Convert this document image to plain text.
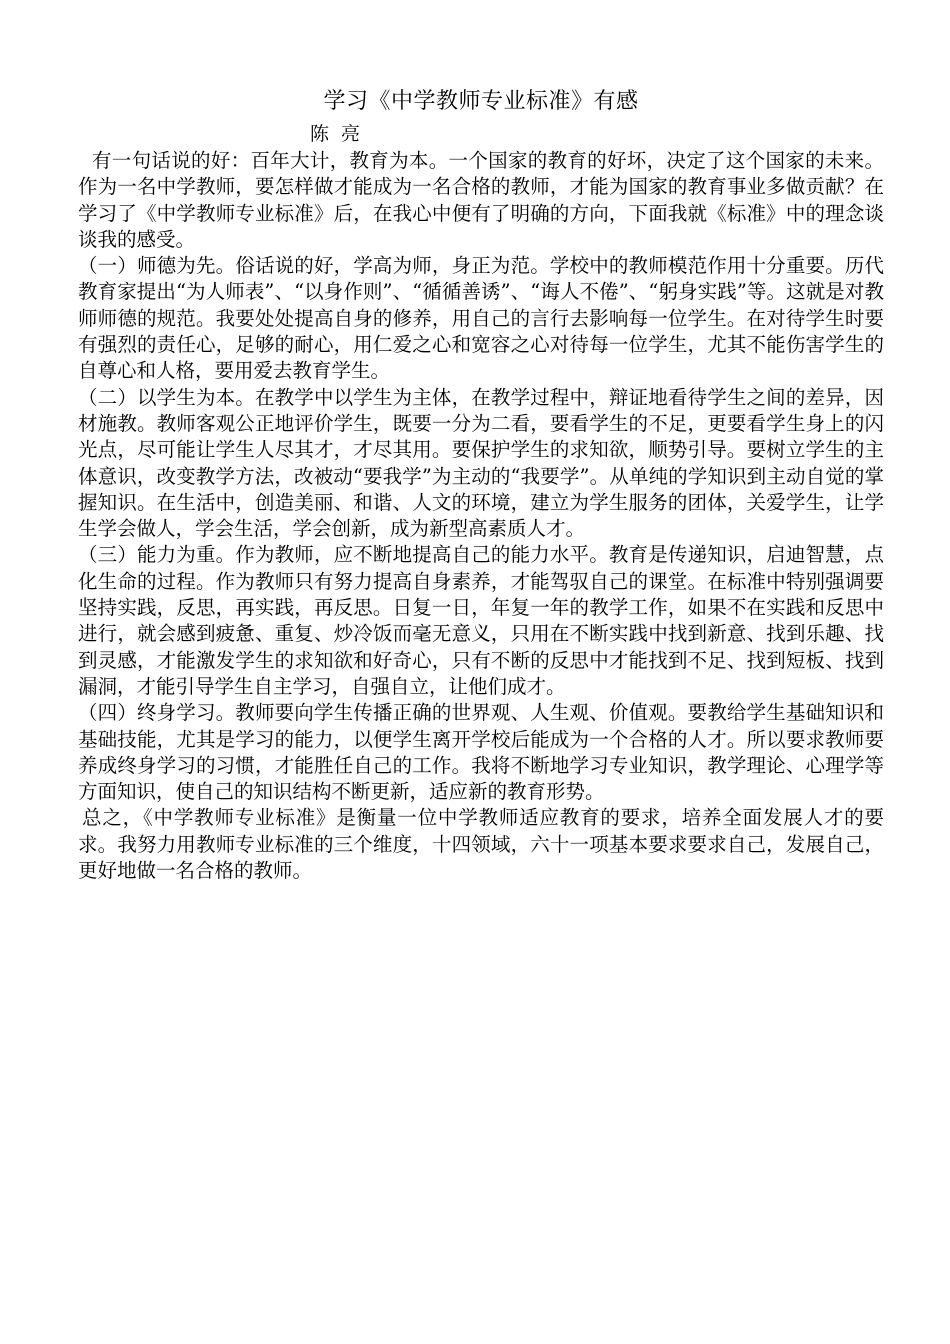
学习《中学教师专业标准》有感
陈 亮

有一句话说的好：百年大计，教育为本。一个国家的教育的好坏，决定了这个国家的未来。作为一名中学教师，要怎样做才能成为一名合格的教师，才能为国家的教育事业多做贡献？在学习了《中学教师专业标准》后，在我心中便有了明确的方向，下面我就《标准》中的理念谈谈我的感受。

（一）师德为先。俗话说的好，学高为师，身正为范。学校中的教师模范作用十分重要。历代教育家提出“为人师表”、“以身作则”、“循循善诱”、“诲人不倦”、“躬身实践”等。这就是对教师师德的规范。我要处处提高自身的修养，用自己的言行去影响每一位学生。在对待学生时要有强烈的责任心，足够的耐心，用仁爱之心和宽容之心对待每一位学生，尤其不能伤害学生的自尊心和人格，要用爱去教育学生。

（二）以学生为本。在教学中以学生为主体，在教学过程中，辩证地看待学生之间的差异，因材施教。教师客观公正地评价学生，既要一分为二看，要看学生的不足，更要看学生身上的闪光点，尽可能让学生人尽其才，才尽其用。要保护学生的求知欲，顺势引导。要树立学生的主体意识，改变教学方法，改被动“要我学”为主动的“我要学”。从单纯的学知识到主动自觉的掌握知识。在生活中，创造美丽、和谐、人文的环境，建立为学生服务的团体，关爱学生，让学生学会做人，学会生活，学会创新，成为新型高素质人才。

（三）能力为重。作为教师，应不断地提高自己的能力水平。教育是传递知识，启迪智慧，点化生命的过程。作为教师只有努力提高自身素养，才能驾驭自己的课堂。在标准中特别强调要坚持实践，反思，再实践，再反思。日复一日，年复一年的教学工作，如果不在实践和反思中进行，就会感到疲惫、重复、炒冷饭而毫无意义，只用在不断实践中找到新意、找到乐趣、找到灵感，才能激发学生的求知欲和好奇心，只有不断的反思中才能找到不足、找到短板、找到漏洞，才能引导学生自主学习，自强自立，让他们成才。

（四）终身学习。教师要向学生传播正确的世界观、人生观、价值观。要教给学生基础知识和基础技能，尤其是学习的能力，以便学生离开学校后能成为一个合格的人才。所以要求教师要养成终身学习的习惯，才能胜任自己的工作。我将不断地学习专业知识，教学理论、心理学等方面知识，使自己的知识结构不断更新，适应新的教育形势。

总之，《中学教师专业标准》是衡量一位中学教师适应教育的要求，培养全面发展人才的要求。我努力用教师专业标准的三个维度，十四领域，六十一项基本要求要求自己，发展自己，更好地做一名合格的教师。
